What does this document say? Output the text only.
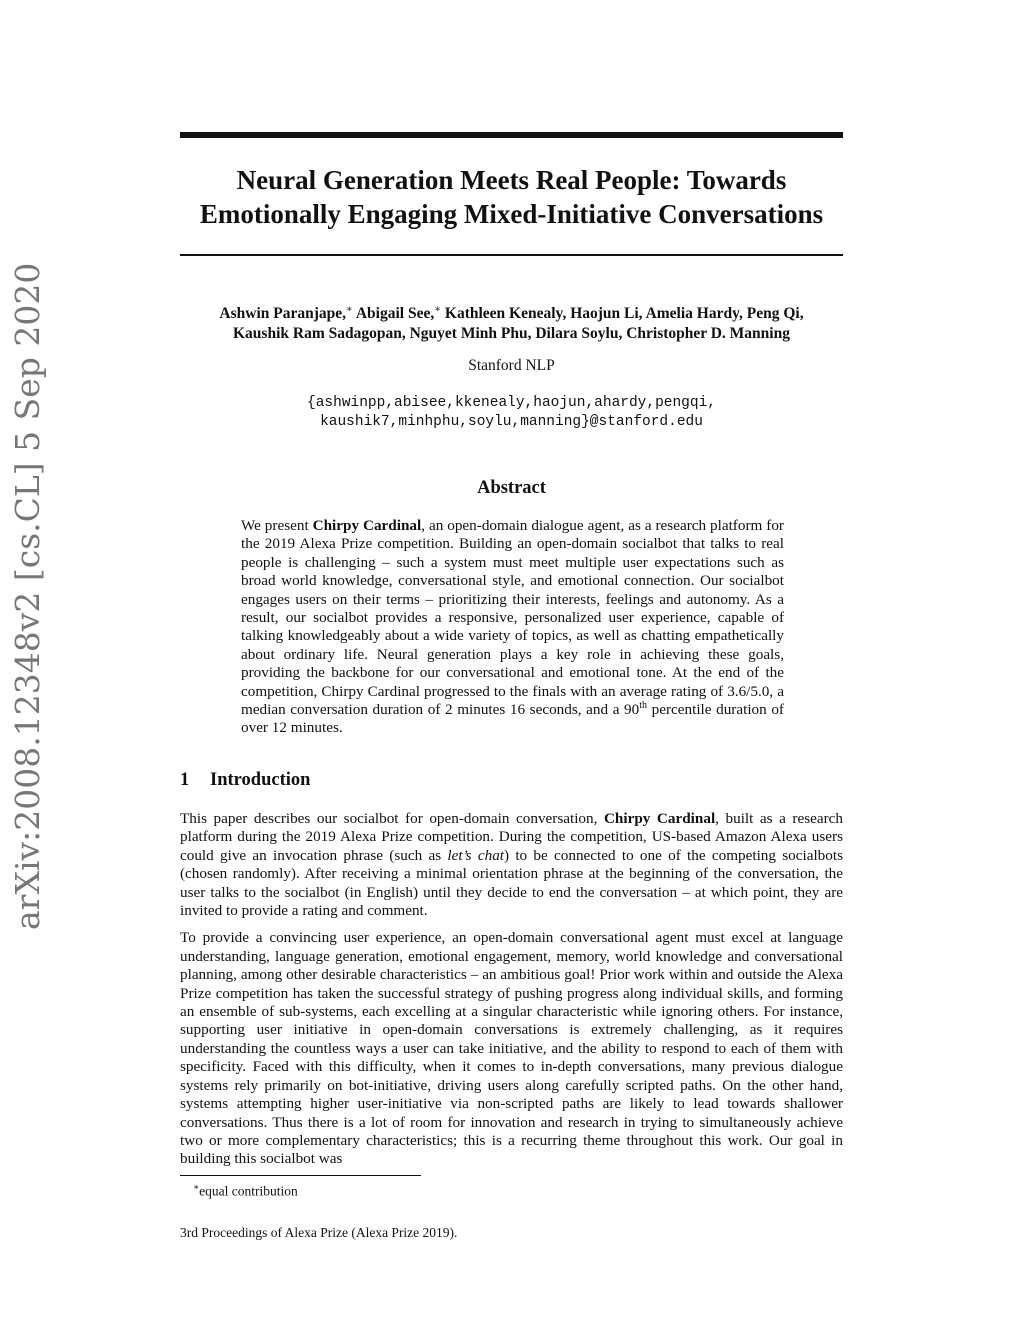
arXiv:2008.12348v2 [cs.CL] 5 Sep 2020
Neural Generation Meets Real People: Towards
Emotionally Engaging Mixed-Initiative Conversations
Ashwin Paranjape,∗ Abigail See,∗ Kathleen Kenealy, Haojun Li, Amelia Hardy, Peng Qi,
Kaushik Ram Sadagopan, Nguyet Minh Phu, Dilara Soylu, Christopher D. Manning
Stanford NLP
{ashwinpp,abisee,kkenealy,haojun,ahardy,pengqi,
kaushik7,minhphu,soylu,manning}@stanford.edu
Abstract

We present Chirpy Cardinal, an open-domain dialogue agent, as a research platform for the 2019 Alexa Prize competition. Building an open-domain socialbot that talks to real people is challenging – such a system must meet multiple user expectations such as broad world knowledge, conversational style, and emotional connection. Our socialbot engages users on their terms – prioritizing their interests, feelings and autonomy. As a result, our socialbot provides a responsive, personalized user experience, capable of talking knowledgeably about a wide variety of topics, as well as chatting empathetically about ordinary life. Neural generation plays a key role in achieving these goals, providing the backbone for our conversational and emotional tone. At the end of the competition, Chirpy Cardinal progressed to the finals with an average rating of 3.6/5.0, a median conversation duration of 2 minutes 16 seconds, and a 90th percentile duration of over 12 minutes.

1 Introduction

This paper describes our socialbot for open-domain conversation, Chirpy Cardinal, built as a research platform during the 2019 Alexa Prize competition. During the competition, US-based Amazon Alexa users could give an invocation phrase (such as let’s chat) to be connected to one of the competing socialbots (chosen randomly). After receiving a minimal orientation phrase at the beginning of the conversation, the user talks to the socialbot (in English) until they decide to end the conversation – at which point, they are invited to provide a rating and comment.

To provide a convincing user experience, an open-domain conversational agent must excel at language understanding, language generation, emotional engagement, memory, world knowledge and conversational planning, among other desirable characteristics – an ambitious goal! Prior work within and outside the Alexa Prize competition has taken the successful strategy of pushing progress along individual skills, and forming an ensemble of sub-systems, each excelling at a singular characteristic while ignoring others. For instance, supporting user initiative in open-domain conversations is extremely challenging, as it requires understanding the countless ways a user can take initiative, and the ability to respond to each of them with specificity. Faced with this difficulty, when it comes to in-depth conversations, many previous dialogue systems rely primarily on bot-initiative, driving users along carefully scripted paths. On the other hand, systems attempting higher user-initiative via non-scripted paths are likely to lead towards shallower conversations. Thus there is a lot of room for innovation and research in trying to simultaneously achieve two or more complementary characteristics; this is a recurring theme throughout this work. Our goal in building this socialbot was

∗equal contribution
3rd Proceedings of Alexa Prize (Alexa Prize 2019).
